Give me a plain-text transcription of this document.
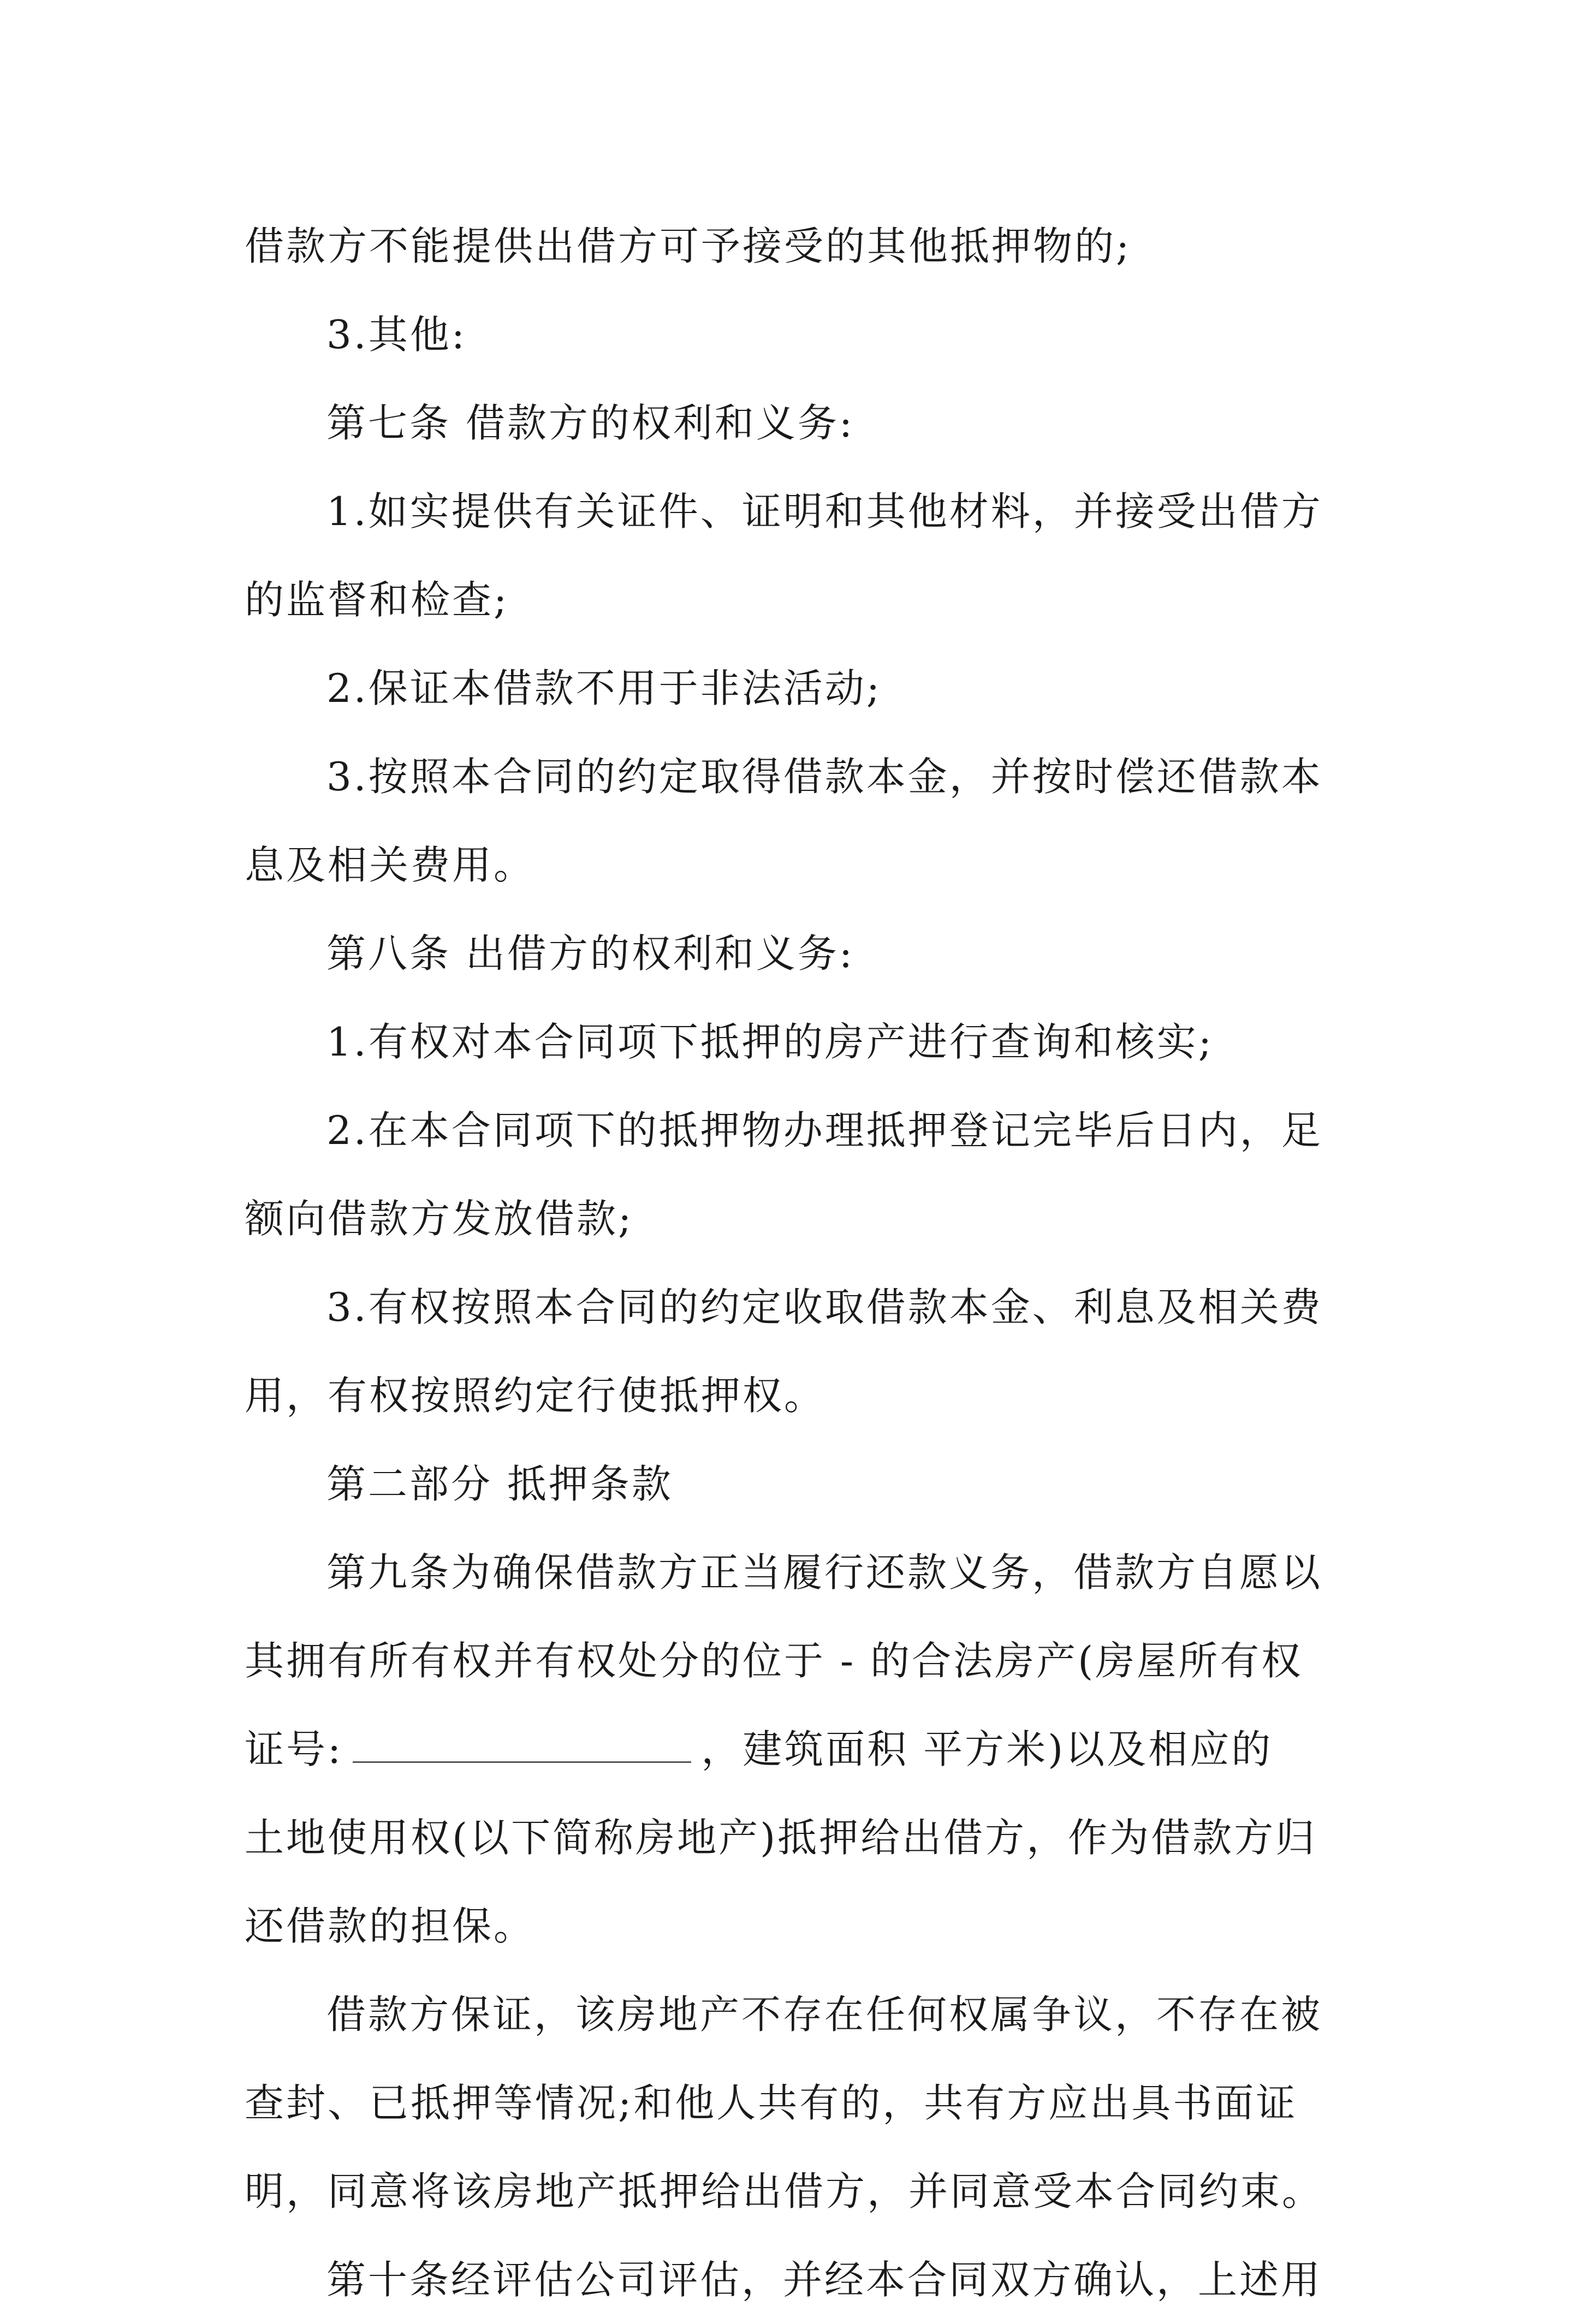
借款方不能提供出借方可予接受的其他抵押物的;
3.其他:
第七条 借款方的权利和义务:
1.如实提供有关证件、证明和其他材料，并接受出借方
的监督和检查;
2.保证本借款不用于非法活动;
3.按照本合同的约定取得借款本金，并按时偿还借款本
息及相关费用。
第八条 出借方的权利和义务:
1.有权对本合同项下抵押的房产进行查询和核实;
2.在本合同项下的抵押物办理抵押登记完毕后日内，足
额向借款方发放借款;
3.有权按照本合同的约定收取借款本金、利息及相关费
用，有权按照约定行使抵押权。
第二部分 抵押条款
第九条为确保借款方正当履行还款义务，借款方自愿以
其拥有所有权并有权处分的位于 - 的合法房产(房屋所有权
证号:	，建筑面积 平方米)以及相应的
土地使用权(以下简称房地产)抵押给出借方，作为借款方归
还借款的担保。
借款方保证，该房地产不存在任何权属争议，不存在被
查封、已抵押等情况;和他人共有的，共有方应出具书面证
明，同意将该房地产抵押给出借方，并同意受本合同约束。
第十条经评估公司评估，并经本合同双方确认，上述用
